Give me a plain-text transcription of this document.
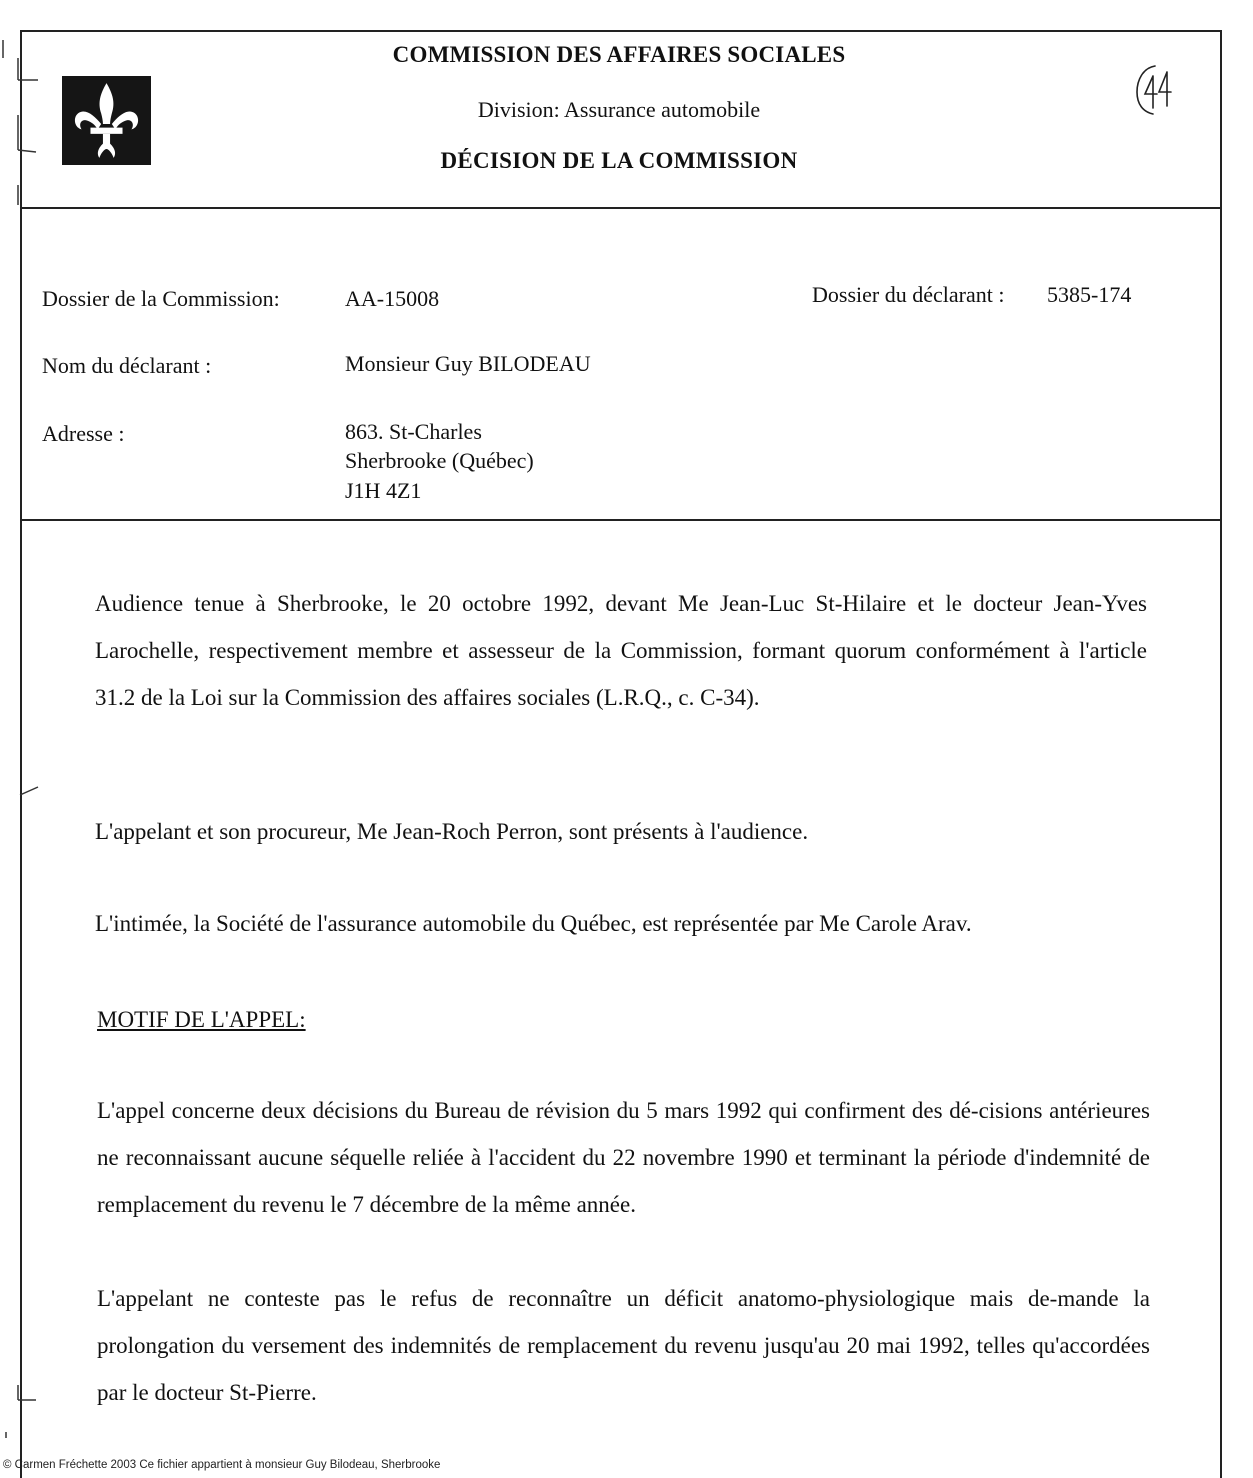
COMMISSION DES AFFAIRES SOCIALES
Division: Assurance automobile
DÉCISION DE LA COMMISSION
Dossier de la Commission:	AA-15008	Dossier du déclarant : 5385-174
Nom du déclarant :	Monsieur Guy BILODEAU
Adresse :	863. St-Charles
Sherbrooke (Québec)
J1H 4Z1
Audience tenue à Sherbrooke, le 20 octobre 1992, devant Me Jean-Luc St-Hilaire et le docteur Jean-Yves Larochelle, respectivement membre et assesseur de la Commission, formant quorum conformément à l'article 31.2 de la Loi sur la Commission des affaires sociales (L.R.Q., c. C-34).
L'appelant et son procureur, Me Jean-Roch Perron, sont présents à l'audience.
L'intimée, la Société de l'assurance automobile du Québec, est représentée par Me Carole Arav.
MOTIF DE L'APPEL:
L'appel concerne deux décisions du Bureau de révision du 5 mars 1992 qui confirment des dé-cisions antérieures ne reconnaissant aucune séquelle reliée à l'accident du 22 novembre 1990 et terminant la période d'indemnité de remplacement du revenu le 7 décembre de la même année.
L'appelant ne conteste pas le refus de reconnaître un déficit anatomo-physiologique mais de-mande la prolongation du versement des indemnités de remplacement du revenu jusqu'au 20 mai 1992, telles qu'accordées par le docteur St-Pierre.
© Carmen Fréchette 2003 Ce fichier appartient à monsieur Guy Bilodeau, Sherbrooke
